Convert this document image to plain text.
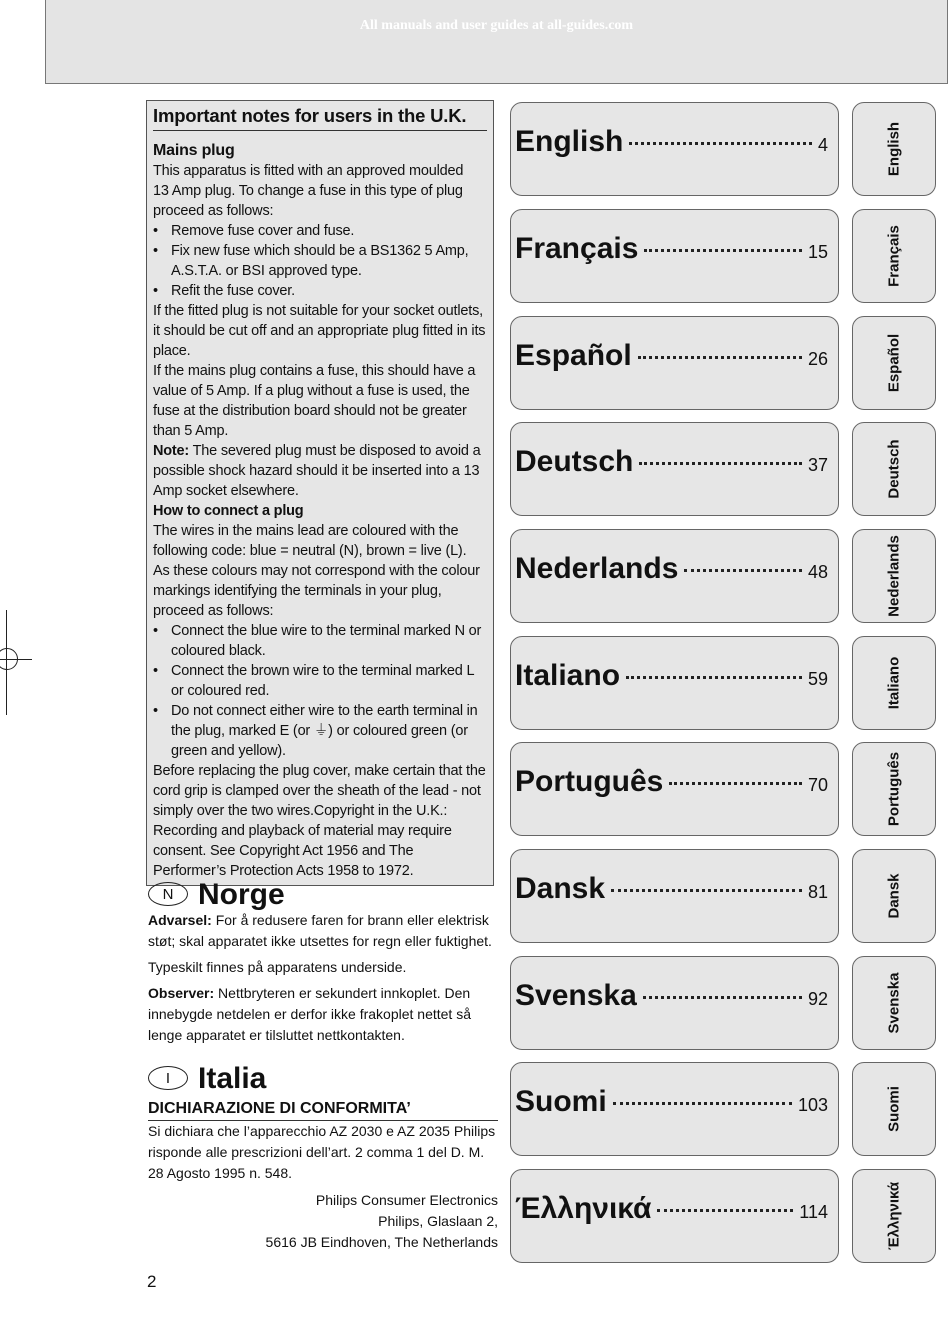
All manuals and user guides at all-guides.com
Important notes for users in the U.K.
Mains plug
This apparatus is fitted with an approved moulded
13 Amp plug. To change a fuse in this type of plug
proceed as follows:
• Remove fuse cover and fuse.
• Fix new fuse which should be a BS1362 5 Amp,
A.S.T.A. or BSI approved type.
• Refit the fuse cover.
If the fitted plug is not suitable for your socket outlets, it should be cut off and an appropriate plug fitted in its place.
If the mains plug contains a fuse, this should have a value of 5 Amp. If a plug without a fuse is used, the fuse at the distribution board should not be greater than 5 Amp.
Note: The severed plug must be disposed to avoid a possible shock hazard should it be inserted into a 13 Amp socket elsewhere.
How to connect a plug
The wires in the mains lead are coloured with the following code: blue = neutral (N), brown = live (L).
As these colours may not correspond with the colour markings identifying the terminals in your plug, proceed as follows:
• Connect the blue wire to the terminal marked N or coloured black.
• Connect the brown wire to the terminal marked L or coloured red.
• Do not connect either wire to the earth terminal in the plug, marked E (or ⏚) or coloured green (or green and yellow).
Before replacing the plug cover, make certain that the cord grip is clamped over the sheath of the lead - not simply over the two wires.Copyright in the U.K.: Recording and playback of material may require consent. See Copyright Act 1956 and The Performer’s Protection Acts 1958 to 1972.
N Norge

Advarsel: For å redusere faren for brann eller elektrisk støt; skal apparatet ikke utsettes for regn eller fuktighet.

Typeskilt finnes på apparatens underside.

Observer: Nettbryteren er sekundert innkoplet. Den innebygde netdelen er derfor ikke frakoplet nettet så lenge apparatet er tilsluttet nettkontakten.

I Italia
DICHIARAZIONE DI CONFORMITA’
Si dichiara che l’apparecchio AZ 2030 e AZ 2035 Philips risponde alle prescrizioni dell’art. 2 comma 1 del D. M. 28 Agosto 1995 n. 548.
Philips Consumer Electronics
Philips, Glaslaan 2,
5616 JB Eindhoven, The Netherlands
2
English	4	English
Français	15	Français
Español	26	Español
Deutsch	37	Deutsch
Nederlands	48	Nederlands
Italiano	59	Italiano
Português	70	Português
Dansk	81	Dansk
Svenska	92	Svenska
Suomi	103	Suomi
Έλληνικά	114	Έλληνικά
